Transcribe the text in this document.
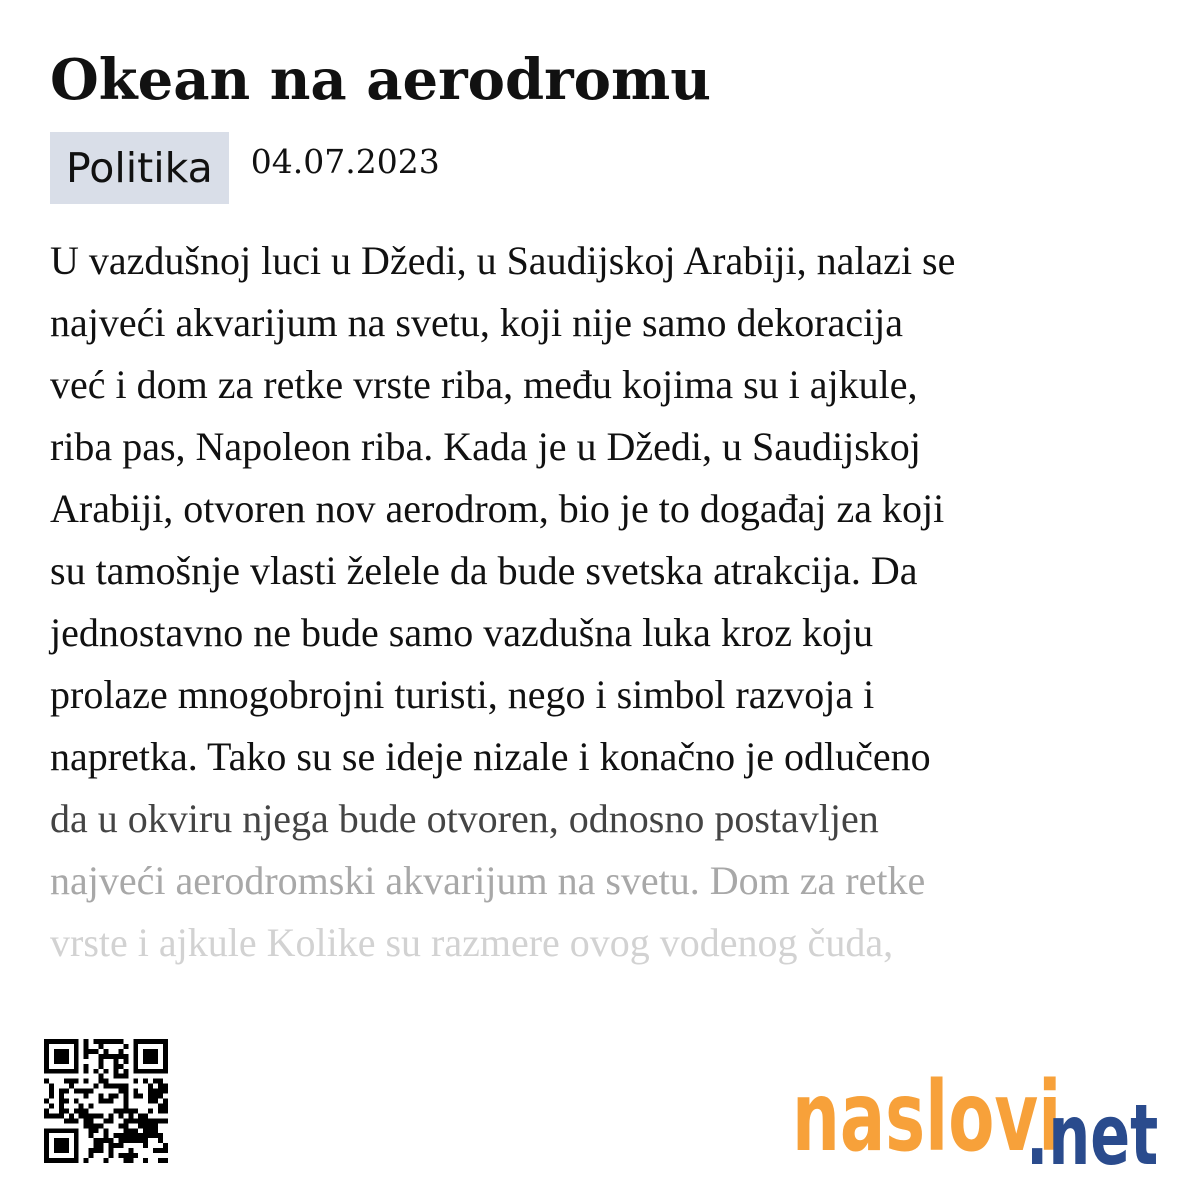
Okean na aerodromu
Politika	04.07.2023
U vazdušnoj luci u Džedi, u Saudijskoj Arabiji, nalazi se
najveći akvarijum na svetu, koji nije samo dekoracija
već i dom za retke vrste riba, među kojima su i ajkule,
riba pas, Napoleon riba. Kada je u Džedi, u Saudijskoj
Arabiji, otvoren nov aerodrom, bio je to događaj za koji
su tamošnje vlasti želele da bude svetska atrakcija. Da
jednostavno ne bude samo vazdušna luka kroz koju
prolaze mnogobrojni turisti, nego i simbol razvoja i
napretka. Tako su se ideje nizale i konačno je odlučeno
da u okviru njega bude otvoren, odnosno postavljen
najveći aerodromski akvarijum na svetu. Dom za retke
vrste i ajkule Kolike su razmere ovog vodenog čuda,
naslovi
.net
